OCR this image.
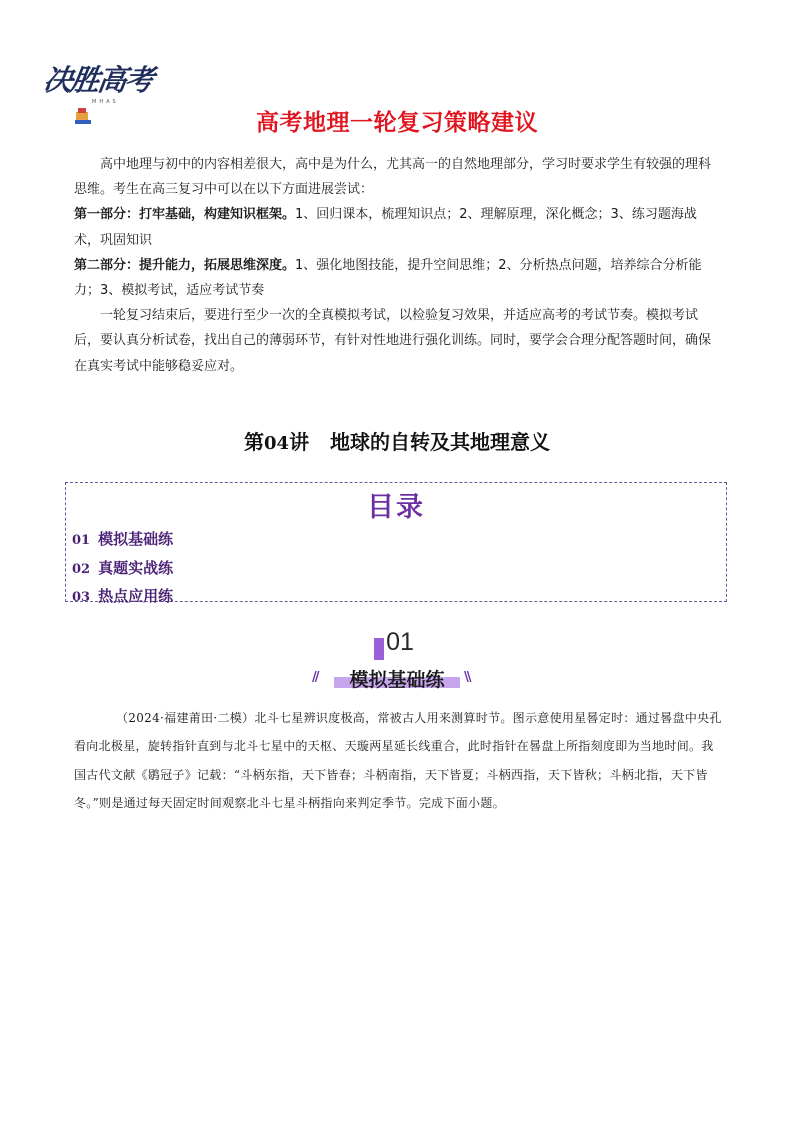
决胜高考
MHAS
高考地理一轮复习策略建议

高中地理与初中的内容相差很大，高中是为什么，尤其高一的自然地理部分，学习时要求学生有较强的理科思维。考生在高三复习中可以在以下方面进展尝试：

第一部分：打牢基础，构建知识框架。1、回归课本，梳理知识点；2、理解原理，深化概念；3、练习题海战术，巩固知识

第二部分：提升能力，拓展思维深度。1、强化地图技能，提升空间思维；2、分析热点问题，培养综合分析能力；3、模拟考试，适应考试节奏

一轮复习结束后，要进行至少一次的全真模拟考试，以检验复习效果，并适应高考的考试节奏。模拟考试后，要认真分析试卷，找出自己的薄弱环节，有针对性地进行强化训练。同时，要学会合理分配答题时间，确保在真实考试中能够稳妥应对。

第04讲 地球的自转及其地理意义
目录
01 模拟基础练
02 真题实战练
03 热点应用练
01
//	模拟基础练	\\

（2024·福建莆田·二模）北斗七星辨识度极高，常被古人用来测算时节。图示意使用星晷定时：通过晷盘中央孔看向北极星，旋转指针直到与北斗七星中的天枢、天璇两星延长线重合，此时指针在晷盘上所指刻度即为当地时间。我国古代文献《鹖冠子》记载：“斗柄东指，天下皆春；斗柄南指，天下皆夏；斗柄西指，天下皆秋；斗柄北指，天下皆冬。”则是通过每天固定时间观察北斗七星斗柄指向来判定季节。完成下面小题。
